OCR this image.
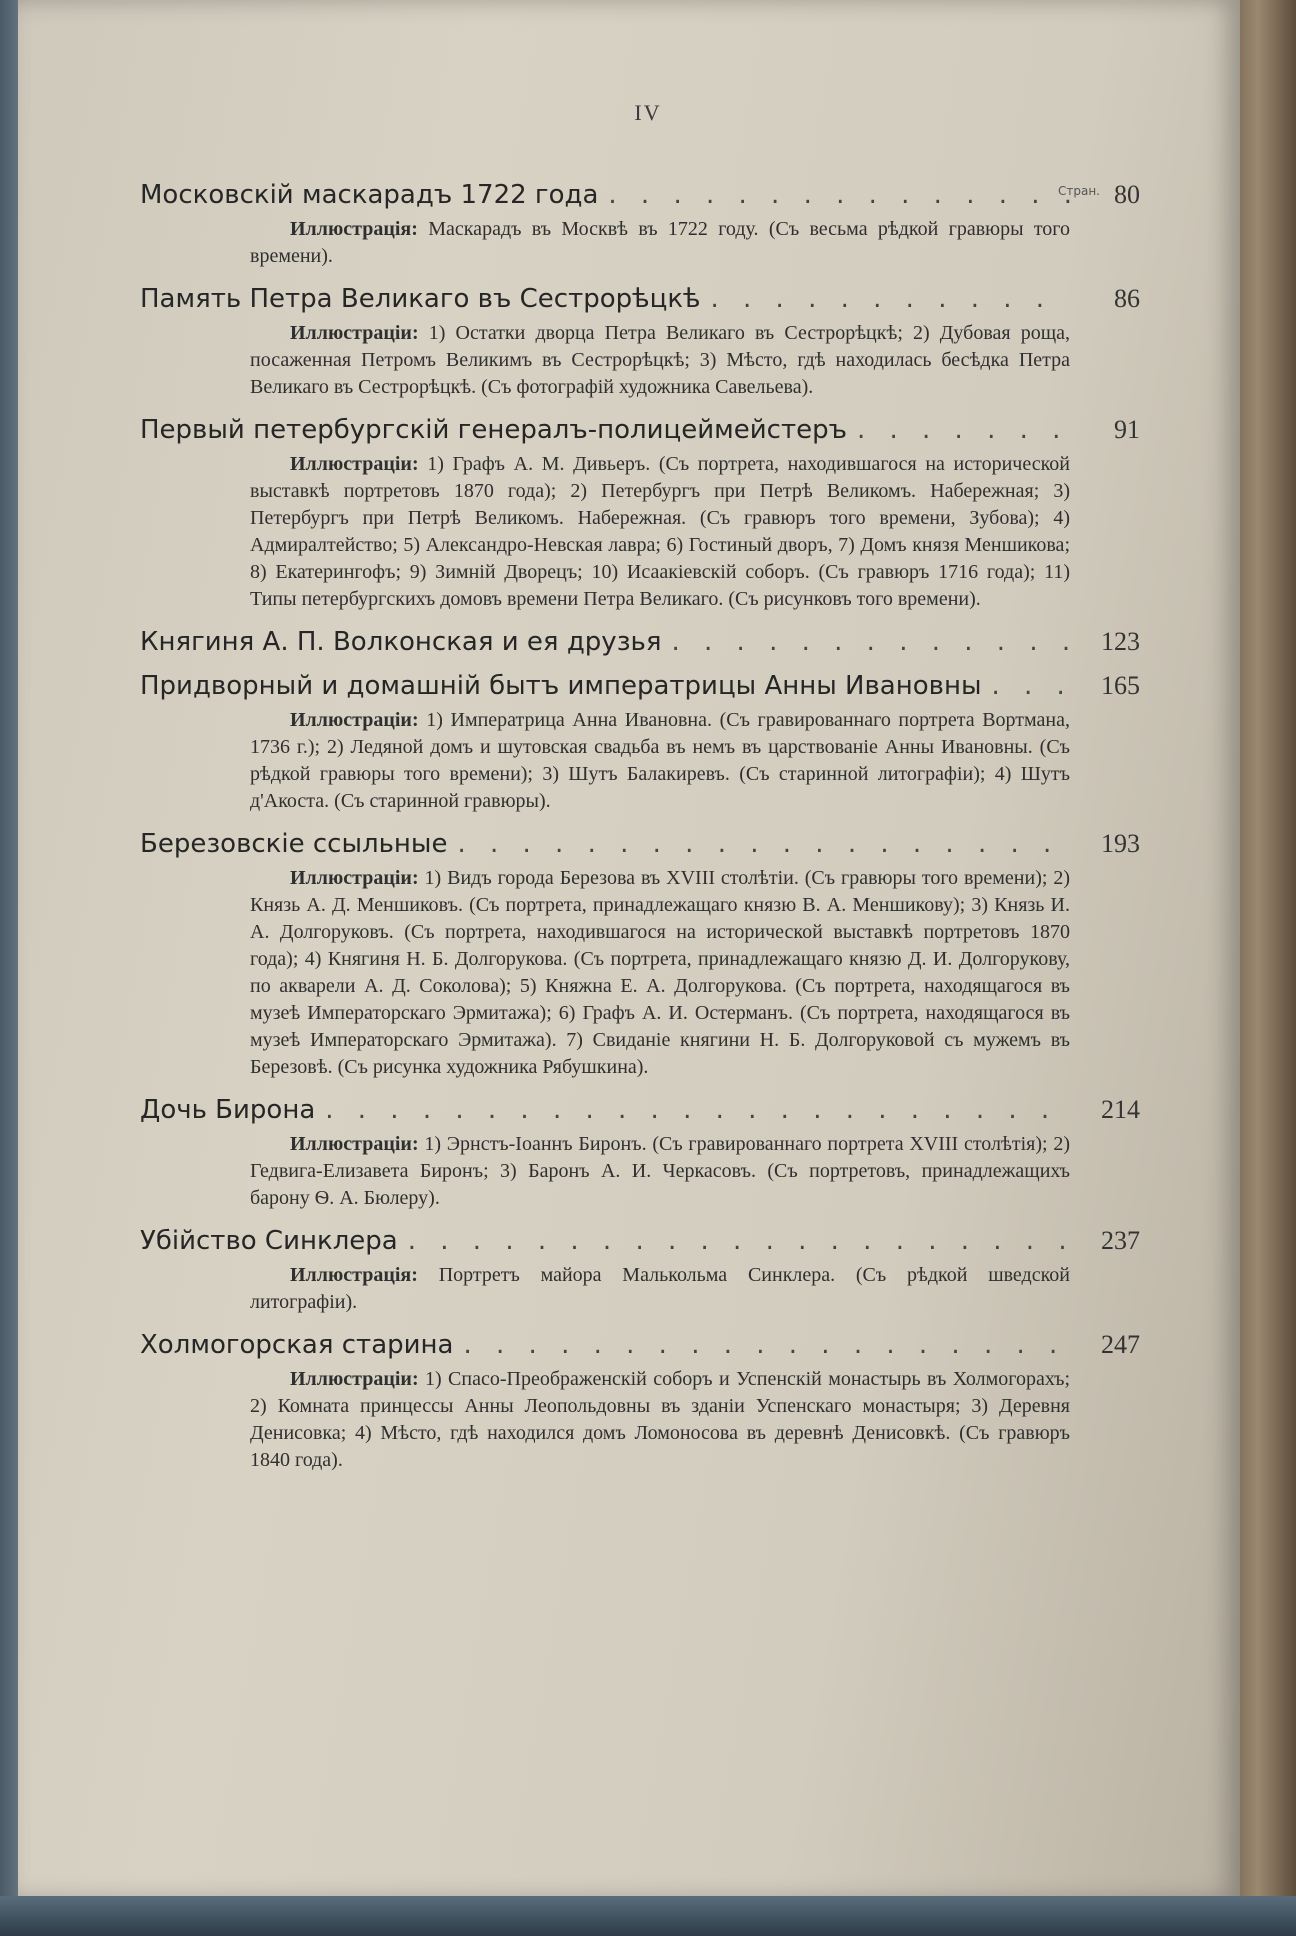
IV
Стран.
Московскій маскарадъ 1722 года . . .	80
Иллюстрація: Маскарадъ въ Москвѣ въ 1722 году. (Съ весьма рѣдкой гравюры того времени).
Память Петра Великаго въ Сестрорѣцкѣ . . .	86
Иллюстраціи: 1) Остатки дворца Петра Великаго въ Сестрорѣцкѣ; 2) Дубовая роща, посаженная Петромъ Великимъ въ Сестрорѣцкѣ; 3) Мѣсто, гдѣ находилась бесѣдка Петра Великаго въ Сестрорѣцкѣ. (Съ фотографій художника Савельева).
Первый петербургскій генералъ-полицеймейстеръ . . .	91
Иллюстраціи: 1) Графъ А. М. Дивьеръ. (Съ портрета, находившагося на исторической выставкѣ портретовъ 1870 года); 2) Петербургъ при Петрѣ Великомъ. Набережная; 3) Петербургъ при Петрѣ Великомъ. Набережная. (Съ гравюръ того времени, Зубова); 4) Адмиралтейство; 5) Александро-Невская лавра; 6) Гостиный дворъ, 7) Домъ князя Меншикова; 8) Екатерингофъ; 9) Зимній Дворецъ; 10) Исаакіевскій соборъ. (Съ гравюръ 1716 года); 11) Типы петербургскихъ домовъ времени Петра Великаго. (Съ рисунковъ того времени).
Княгиня А. П. Волконская и ея друзья . . .	123
Придворный и домашній бытъ императрицы Анны Ивановны . . .	165
Иллюстраціи: 1) Императрица Анна Ивановна. (Съ гравированнаго портрета Вортмана, 1736 г.); 2) Ледяной домъ и шутовская свадьба въ немъ въ царствованіе Анны Ивановны. (Съ рѣдкой гравюры того времени); 3) Шутъ Балакиревъ. (Съ старинной литографіи); 4) Шутъ д'Акоста. (Съ старинной гравюры).
Березовскіе ссыльные . . .	193
Иллюстраціи: 1) Видъ города Березова въ XVIII столѣтіи. (Съ гравюры того времени); 2) Князь А. Д. Меншиковъ. (Съ портрета, принадлежащаго князю В. А. Меншикову); 3) Князь И. А. Долгоруковъ. (Съ портрета, находившагося на исторической выставкѣ портретовъ 1870 года); 4) Княгиня Н. Б. Долгорукова. (Съ портрета, принадлежащаго князю Д. И. Долгорукову, по акварели А. Д. Соколова); 5) Княжна Е. А. Долгорукова. (Съ портрета, находящагося въ музеѣ Императорскаго Эрмитажа); 6) Графъ А. И. Остерманъ. (Съ портрета, находящагося въ музеѣ Императорскаго Эрмитажа). 7) Свиданіе княгини Н. Б. Долгоруковой съ мужемъ въ Березовѣ. (Съ рисунка художника Рябушкина).
Дочь Бирона . . .	214
Иллюстраціи: 1) Эрнстъ-Іоаннъ Биронъ. (Съ гравированнаго портрета XVIII столѣтія); 2) Гедвига-Елизавета Биронъ; 3) Баронъ А. И. Черкасовъ. (Съ портретовъ, принадлежащихъ барону Ѳ. А. Бюлеру).
Убійство Синклера . . .	237
Иллюстрація: Портретъ майора Малькольма Синклера. (Съ рѣдкой шведской литографіи).
Холмогорская старина . . .	247
Иллюстраціи: 1) Спасо-Преображенскій соборъ и Успенскій монастырь въ Холмогорахъ; 2) Комната принцессы Анны Леопольдовны въ зданіи Успенскаго монастыря; 3) Деревня Денисовка; 4) Мѣсто, гдѣ находился домъ Ломоносова въ деревнѣ Денисовкѣ. (Съ гравюръ 1840 года).
